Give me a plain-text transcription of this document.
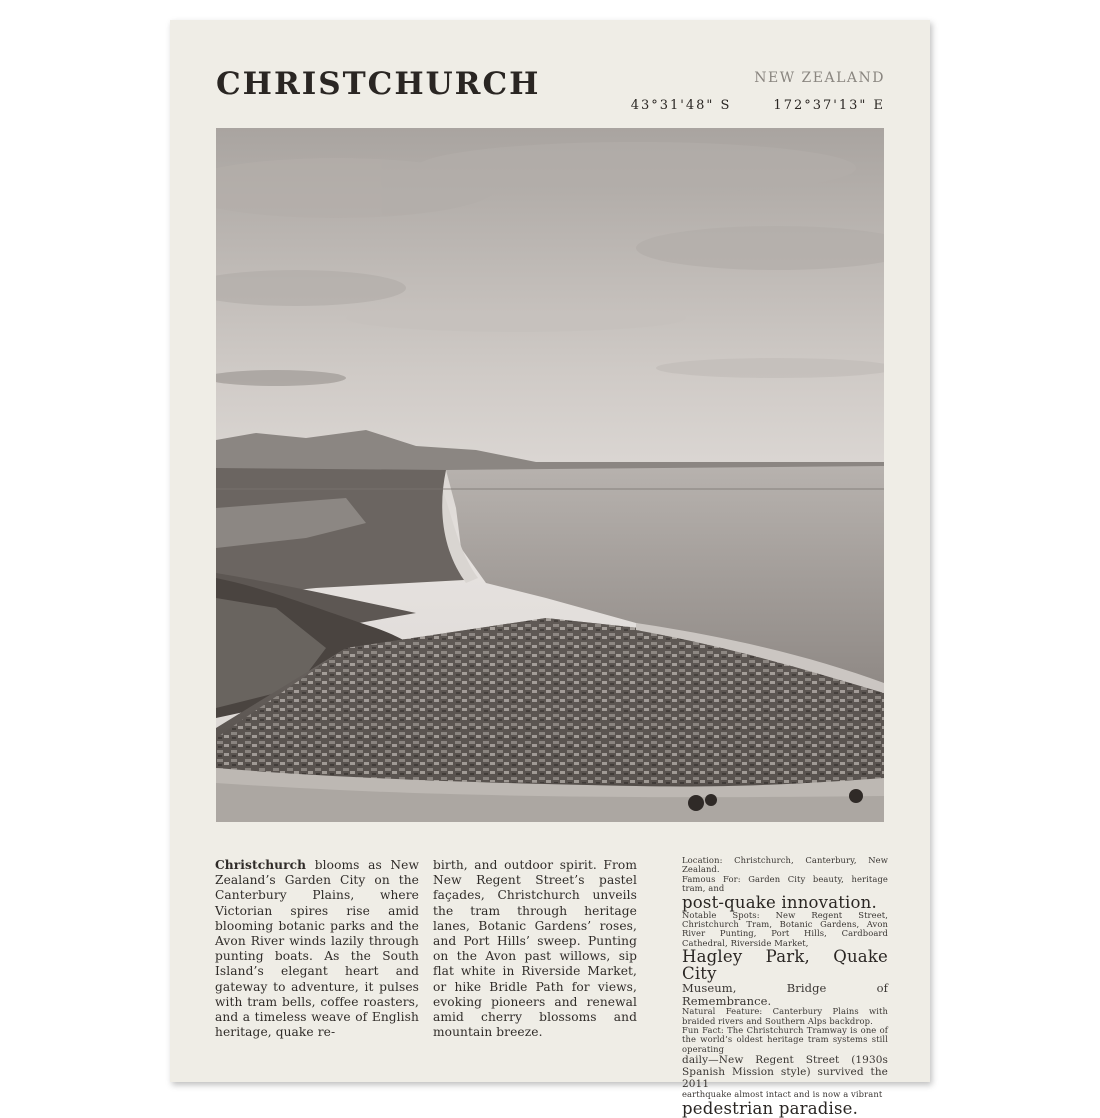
CHRISTCHURCH	NEW ZEALAND
43°31'48" S	172°37'13" E
Christchurch blooms as New Zealand’s Garden City on the Canterbury Plains, where Victorian spires rise amid blooming botanic parks and the Avon River winds lazily through punting boats. As the South Island’s elegant heart and gateway to adventure, it pulses with tram bells, coffee roasters, and a timeless weave of English heritage, quake re-
birth, and outdoor spirit. From New Regent Street’s pastel façades, Christchurch unveils the tram through heritage lanes, Botanic Gardens’ roses, and Port Hills’ sweep. Punting on the Avon past willows, sip flat white in Riverside Market, or hike Bridle Path for views, evoking pioneers and renewal amid cherry blossoms and mountain breeze.
Location: Christchurch, Canterbury, New Zealand.
Famous For: Garden City beauty, heritage tram, and
post-quake innovation.
Notable Spots: New Regent Street, Christchurch Tram, Botanic Gardens, Avon River Punting, Port Hills, Cardboard Cathedral, Riverside Market,
Hagley Park, Quake City
Museum, Bridge of Remembrance.
Natural Feature: Canterbury Plains with braided rivers and Southern Alps backdrop.
Fun Fact: The Christchurch Tramway is one of the world’s oldest heritage tram systems still operating
daily—New Regent Street (1930s Spanish Mission style) survived the 2011
earthquake almost intact and is now a vibrant
pedestrian paradise.
